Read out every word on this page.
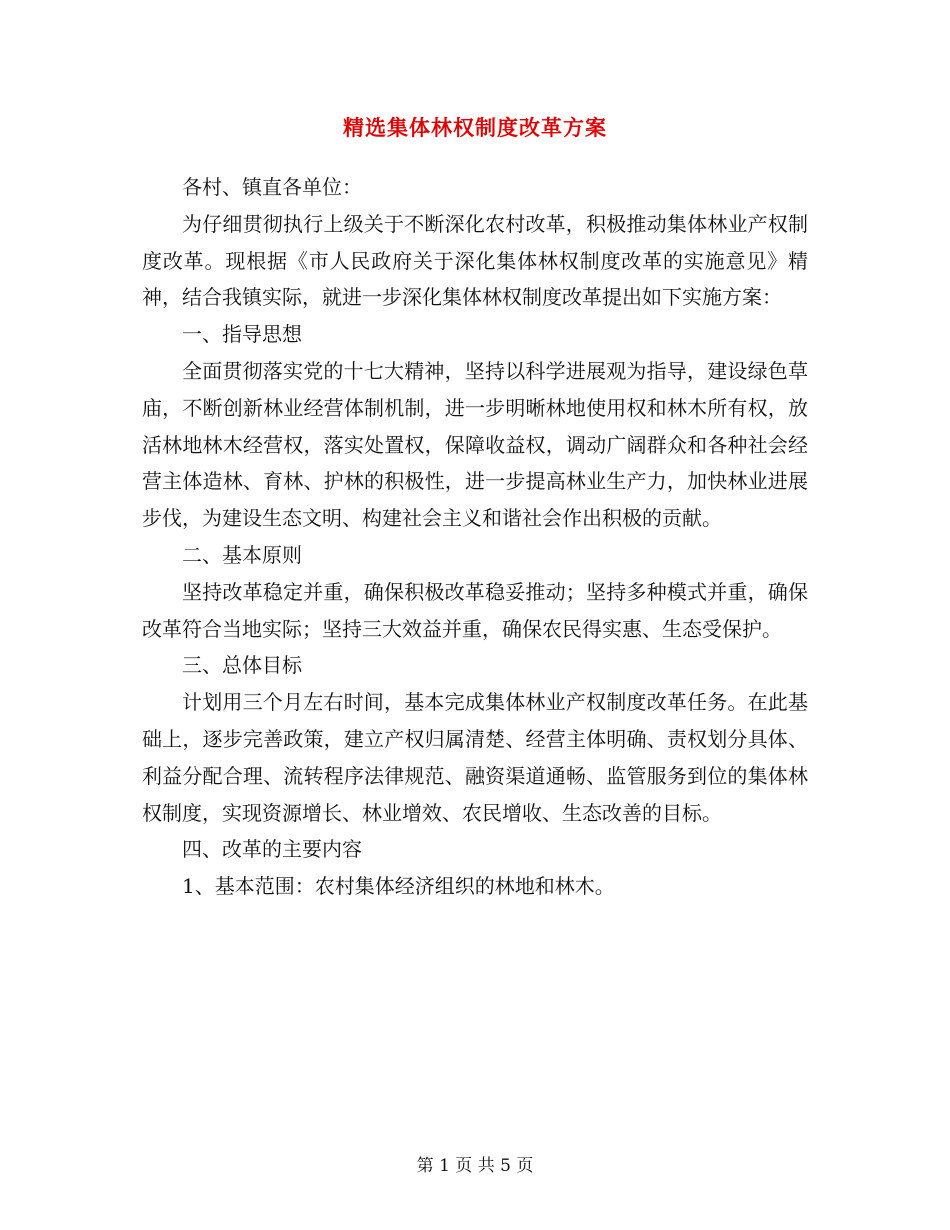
精选集体林权制度改革方案

各村、镇直各单位：

为仔细贯彻执行上级关于不断深化农村改革，积极推动集体林业产权制度改革。现根据《市人民政府关于深化集体林权制度改革的实施意见》精神，结合我镇实际，就进一步深化集体林权制度改革提出如下实施方案：

一、指导思想

全面贯彻落实党的十七大精神，坚持以科学进展观为指导，建设绿色草庙，不断创新林业经营体制机制，进一步明晰林地使用权和林木所有权，放活林地林木经营权，落实处置权，保障收益权，调动广阔群众和各种社会经营主体造林、育林、护林的积极性，进一步提高林业生产力，加快林业进展步伐，为建设生态文明、构建社会主义和谐社会作出积极的贡献。

二、基本原则

坚持改革稳定并重，确保积极改革稳妥推动；坚持多种模式并重，确保改革符合当地实际；坚持三大效益并重，确保农民得实惠、生态受保护。

三、总体目标

计划用三个月左右时间，基本完成集体林业产权制度改革任务。在此基础上，逐步完善政策，建立产权归属清楚、经营主体明确、责权划分具体、利益分配合理、流转程序法律规范、融资渠道通畅、监管服务到位的集体林权制度，实现资源增长、林业增效、农民增收、生态改善的目标。

四、改革的主要内容

1、基本范围：农村集体经济组织的林地和林木。

第 1 页 共 5 页
